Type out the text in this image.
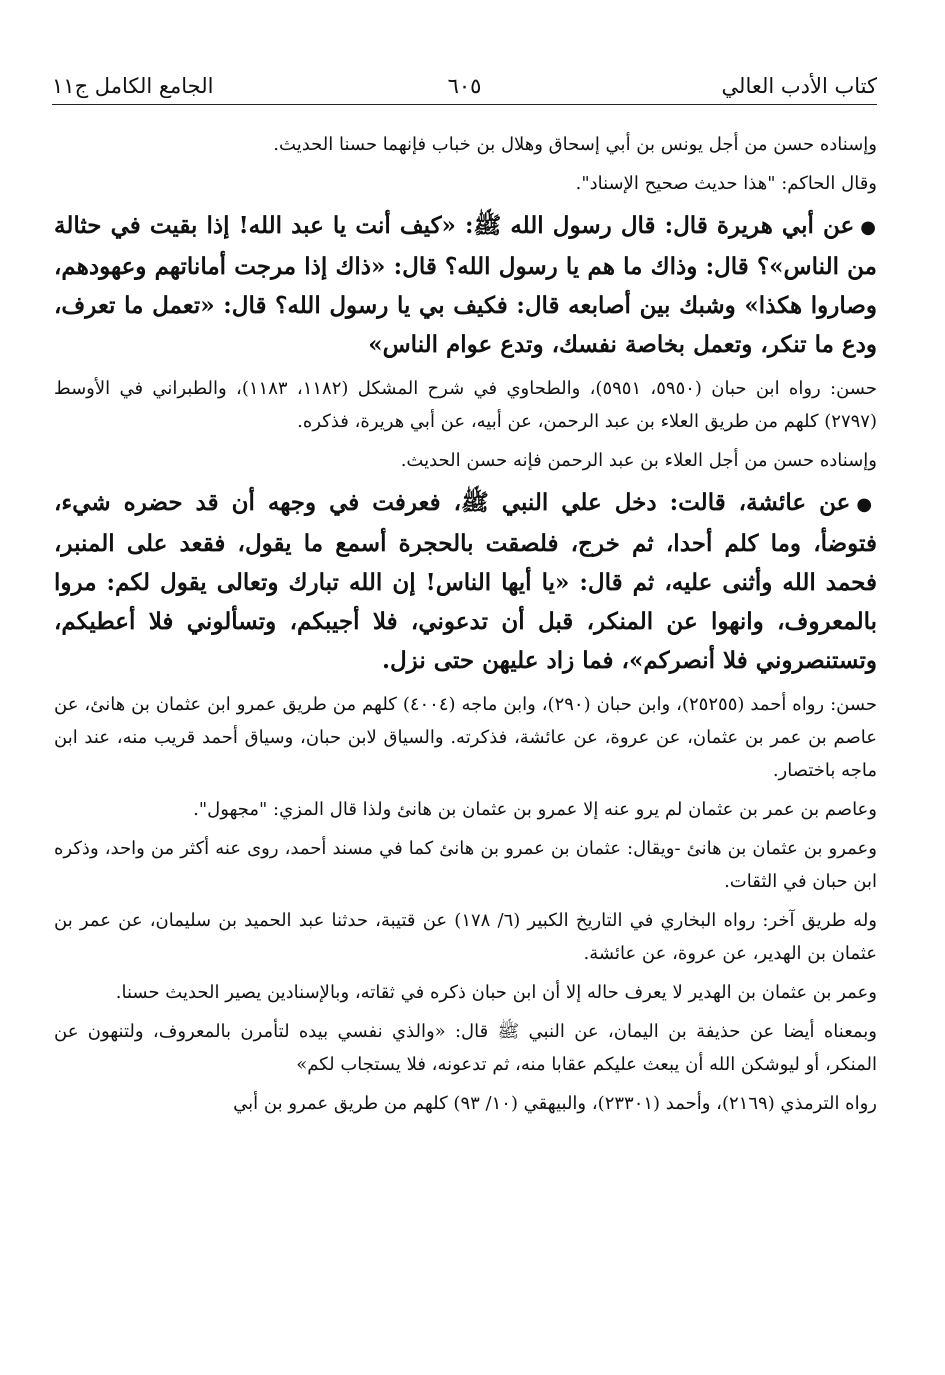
كتاب الأدب العالي
٦٠٥
الجامع الكامل ج١١

وإسناده حسن من أجل يونس بن أبي إسحاق وهلال بن خباب فإنهما حسنا الحديث.

وقال الحاكم: "هذا حديث صحيح الإسناد".

●عن أبي هريرة قال: قال رسول الله ﷺ: «كيف أنت يا عبد الله! إذا بقيت في حثالة من الناس»؟ قال: وذاك ما هم يا رسول الله؟ قال: «ذاك إذا مرجت أماناتهم وعهودهم، وصاروا هكذا» وشبك بين أصابعه قال: فكيف بي يا رسول الله؟ قال: «تعمل ما تعرف، ودع ما تنكر، وتعمل بخاصة نفسك، وتدع عوام الناس»

حسن: رواه ابن حبان (٥٩٥٠، ٥٩٥١)، والطحاوي في شرح المشكل (١١٨٢، ١١٨٣)، والطبراني في الأوسط (٢٧٩٧) كلهم من طريق العلاء بن عبد الرحمن، عن أبيه، عن أبي هريرة، فذكره.

وإسناده حسن من أجل العلاء بن عبد الرحمن فإنه حسن الحديث.

●عن عائشة، قالت: دخل علي النبي ﷺ، فعرفت في وجهه أن قد حضره شيء، فتوضأ، وما كلم أحدا، ثم خرج، فلصقت بالحجرة أسمع ما يقول، فقعد على المنبر، فحمد الله وأثنى عليه، ثم قال: «يا أيها الناس! إن الله تبارك وتعالى يقول لكم: مروا بالمعروف، وانهوا عن المنكر، قبل أن تدعوني، فلا أجيبكم، وتسألوني فلا أعطيكم، وتستنصروني فلا أنصركم»، فما زاد عليهن حتى نزل.

حسن: رواه أحمد (٢٥٢٥٥)، وابن حبان (٢٩٠)، وابن ماجه (٤٠٠٤) كلهم من طريق عمرو ابن عثمان بن هانئ، عن عاصم بن عمر بن عثمان، عن عروة، عن عائشة، فذكرته. والسياق لابن حبان، وسياق أحمد قريب منه، عند ابن ماجه باختصار.

وعاصم بن عمر بن عثمان لم يرو عنه إلا عمرو بن عثمان بن هانئ ولذا قال المزي: "مجهول".

وعمرو بن عثمان بن هانئ -ويقال: عثمان بن عمرو بن هانئ كما في مسند أحمد، روى عنه أكثر من واحد، وذكره ابن حبان في الثقات.

وله طريق آخر: رواه البخاري في التاريخ الكبير (٦/ ١٧٨) عن قتيبة، حدثنا عبد الحميد بن سليمان، عن عمر بن عثمان بن الهدير، عن عروة، عن عائشة.

وعمر بن عثمان بن الهدير لا يعرف حاله إلا أن ابن حبان ذكره في ثقاته، وبالإسنادين يصير الحديث حسنا.

وبمعناه أيضا عن حذيفة بن اليمان، عن النبي ﷺ قال: «والذي نفسي بيده لتأمرن بالمعروف، ولتنهون عن المنكر، أو ليوشكن الله أن يبعث عليكم عقابا منه، ثم تدعونه، فلا يستجاب لكم»

رواه الترمذي (٢١٦٩)، وأحمد (٢٣٣٠١)، والبيهقي (١٠/ ٩٣) كلهم من طريق عمرو بن أبي
